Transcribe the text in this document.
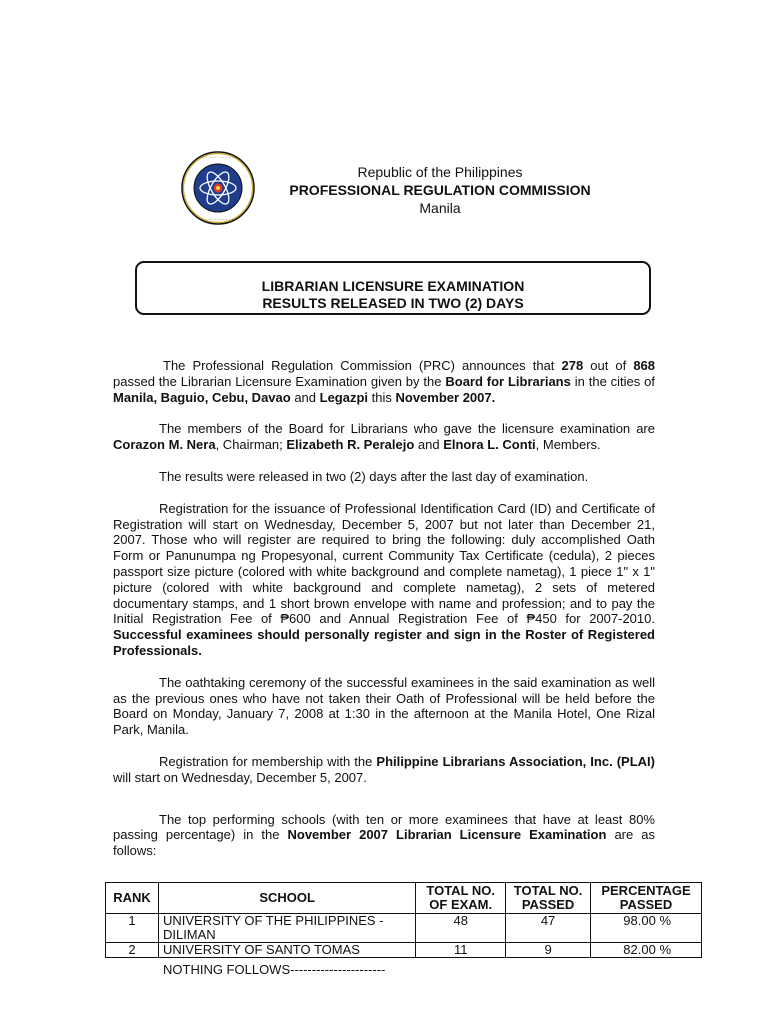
· · · · · · · · · · · · ·
· · · · · · · · · · · · ·
Republic of the Philippines
PROFESSIONAL REGULATION COMMISSION
Manila
LIBRARIAN LICENSURE EXAMINATION
RESULTS RELEASED IN TWO (2) DAYS

The Professional Regulation Commission (PRC) announces that 278 out of 868 passed the Librarian Licensure Examination given by the Board for Librarians in the cities of Manila, Baguio, Cebu, Davao and Legazpi this November 2007.

The members of the Board for Librarians who gave the licensure examination are Corazon M. Nera, Chairman; Elizabeth R. Peralejo and Elnora L. Conti, Members.

The results were released in two (2) days after the last day of examination.

Registration for the issuance of Professional Identification Card (ID) and Certificate of Registration will start on Wednesday, December 5, 2007 but not later than December 21, 2007. Those who will register are required to bring the following: duly accomplished Oath Form or Panunumpa ng Propesyonal, current Community Tax Certificate (cedula), 2 pieces passport size picture (colored with white background and complete nametag), 1 piece 1" x 1" picture (colored with white background and complete nametag), 2 sets of metered documentary stamps, and 1 short brown envelope with name and profession; and to pay the Initial Registration Fee of ₱600 and Annual Registration Fee of ₱450 for 2007-2010. Successful examinees should personally register and sign in the Roster of Registered Professionals.

The oathtaking ceremony of the successful examinees in the said examination as well as the previous ones who have not taken their Oath of Professional will be held before the Board on Monday, January 7, 2008 at 1:30 in the afternoon at the Manila Hotel, One Rizal Park, Manila.

Registration for membership with the Philippine Librarians Association, Inc. (PLAI) will start on Wednesday, December 5, 2007.

The top performing schools (with ten or more examinees that have at least 80% passing percentage) in the November 2007 Librarian Licensure Examination are as follows:

RANK	SCHOOL	TOTAL NO. OF EXAM.	TOTAL NO. PASSED	PERCENTAGE PASSED
1	UNIVERSITY OF THE PHILIPPINES - DILIMAN	48	47	98.00 %
2	UNIVERSITY OF SANTO TOMAS	11	9	82.00 %
NOTHING FOLLOWS----------------------
